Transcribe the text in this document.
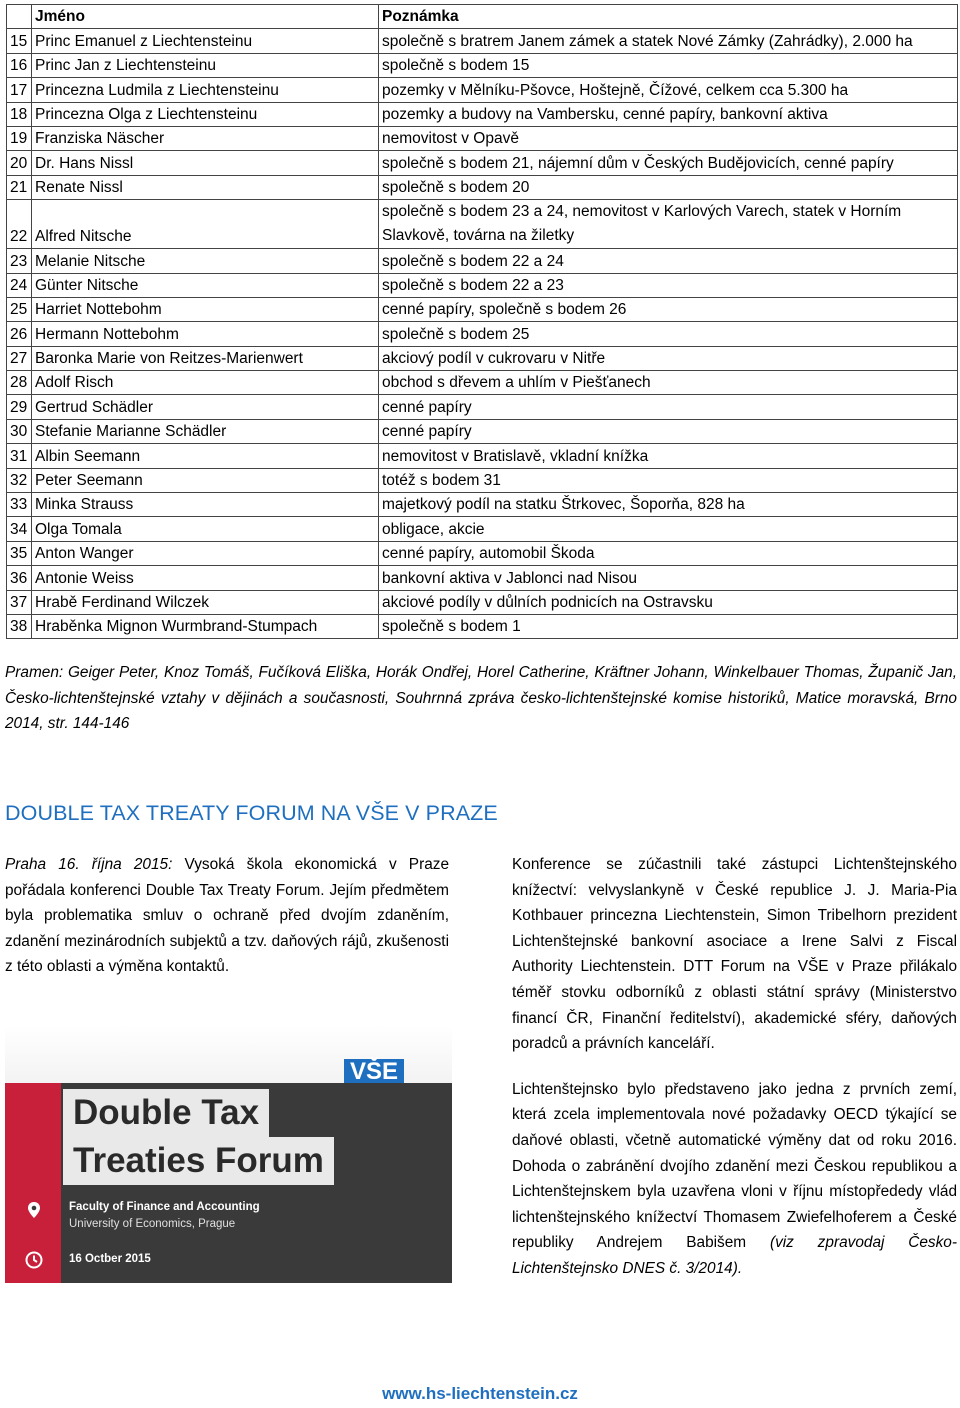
	Jméno	Poznámka
15	Princ Emanuel z Liechtensteinu	společně s bratrem Janem zámek a statek Nové Zámky (Zahrádky), 2.000 ha
16	Princ Jan z Liechtensteinu	společně s bodem 15
17	Princezna Ludmila z Liechtensteinu	pozemky v Mělníku-Pšovce, Hoštejně, Čížové, celkem cca 5.300 ha
18	Princezna Olga z Liechtensteinu	pozemky a budovy na Vambersku, cenné papíry, bankovní aktiva
19	Franziska Näscher	nemovitost v Opavě
20	Dr. Hans Nissl	společně s bodem 21, nájemní dům v Českých Budějovicích, cenné papíry
21	Renate Nissl	společně s bodem 20
22	Alfred Nitsche	společně s bodem 23 a 24, nemovitost v Karlových Varech, statek v Horním Slavkově, továrna na žiletky
23	Melanie Nitsche	společně s bodem 22 a 24
24	Günter Nitsche	společně s bodem 22 a 23
25	Harriet Nottebohm	cenné papíry, společně s bodem 26
26	Hermann Nottebohm	společně s bodem 25
27	Baronka Marie von Reitzes-Marienwert	akciový podíl v cukrovaru v Nitře
28	Adolf Risch	obchod s dřevem a uhlím v Piešťanech
29	Gertrud Schädler	cenné papíry
30	Stefanie Marianne Schädler	cenné papíry
31	Albin Seemann	nemovitost v Bratislavě, vkladní knížka
32	Peter Seemann	totéž s bodem 31
33	Minka Strauss	majetkový podíl na statku Štrkovec, Šoporňa, 828 ha
34	Olga Tomala	obligace, akcie
35	Anton Wanger	cenné papíry, automobil Škoda
36	Antonie Weiss	bankovní aktiva v Jablonci nad Nisou
37	Hrabě Ferdinand Wilczek	akciové podíly v důlních podnicích na Ostravsku
38	Hraběnka Mignon Wurmbrand-Stumpach	společně s bodem 1
Pramen: Geiger Peter, Knoz Tomáš, Fučíková Eliška, Horák Ondřej, Horel Catherine, Kräftner Johann, Winkelbauer Thomas, Županič Jan, Česko-lichtenštejnské vztahy v dějinách a současnosti, Souhrnná zpráva česko-lichtenštejnské komise historiků, Matice moravská, Brno 2014, str. 144-146
DOUBLE TAX TREATY FORUM NA VŠE V PRAZE

Praha 16. října 2015: Vysoká škola ekonomická v Praze pořádala konferenci Double Tax Treaty Forum. Jejím předmětem byla problematika smluv o ochraně před dvojím zdaněním, zdanění mezinárodních subjektů a tzv. daňových rájů, zkušenosti z této oblasti a výměna kontaktů.

VŠE
Double Tax
Treaties Forum
Faculty of Finance and Accounting
University of Economics, Prague
16 Octber 2015

Konference se zúčastnili také zástupci Lichtenštejnského knížectví: velvyslankyně v České republice J. J. Maria-Pia Kothbauer princezna Liechtenstein, Simon Tribelhorn prezident Lichtenštejnské bankovní asociace a Irene Salvi z Fiscal Authority Liechtenstein. DTT Forum na VŠE v Praze přilákalo téměř stovku odborníků z oblasti státní správy (Ministerstvo financí ČR, Finanční ředitelství), akademické sféry, daňových poradců a právních kanceláří.

Lichtenštejnsko bylo představeno jako jedna z prvních zemí, která zcela implementovala nové požadavky OECD týkající se daňové oblasti, včetně automatické výměny dat od roku 2016. Dohoda o zabránění dvojího zdanění mezi Českou republikou a Lichtenštejnskem byla uzavřena vloni v říjnu místopřededy vlád lichtenštejnského knížectví Thomasem Zwiefelhoferem a České republiky Andrejem Babišem (viz zpravodaj Česko-Lichtenštejnsko DNES č. 3/2014).

www.hs-liechtenstein.cz
